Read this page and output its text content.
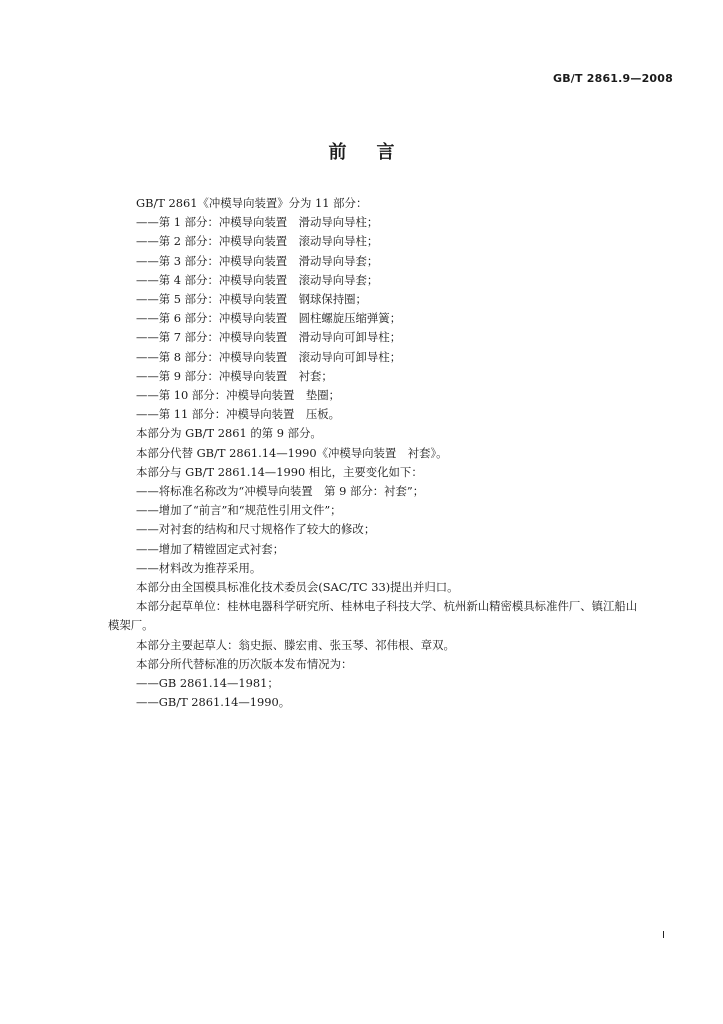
GB/T 2861.9—2008
前言

GB/T 2861《冲模导向装置》分为 11 部分：

——第 1 部分：冲模导向装置　滑动导向导柱；

——第 2 部分：冲模导向装置　滚动导向导柱；

——第 3 部分：冲模导向装置　滑动导向导套；

——第 4 部分：冲模导向装置　滚动导向导套；

——第 5 部分：冲模导向装置　钢球保持圈；

——第 6 部分：冲模导向装置　圆柱螺旋压缩弹簧；

——第 7 部分：冲模导向装置　滑动导向可卸导柱；

——第 8 部分：冲模导向装置　滚动导向可卸导柱；

——第 9 部分：冲模导向装置　衬套；

——第 10 部分：冲模导向装置　垫圈；

——第 11 部分：冲模导向装置　压板。

本部分为 GB/T 2861 的第 9 部分。

本部分代替 GB/T 2861.14—1990《冲模导向装置　衬套》。

本部分与 GB/T 2861.14—1990 相比，主要变化如下：

——将标准名称改为“冲模导向装置　第 9 部分：衬套”；

——增加了“前言”和“规范性引用文件”；

——对衬套的结构和尺寸规格作了较大的修改；

——增加了精镗固定式衬套；

——材料改为推荐采用。

本部分由全国模具标准化技术委员会(SAC/TC 33)提出并归口。

本部分起草单位：桂林电器科学研究所、桂林电子科技大学、杭州新山精密模具标准件厂、镇江船山

模架厂。

本部分主要起草人：翁史振、滕宏甫、张玉琴、祁伟根、章双。

本部分所代替标准的历次版本发布情况为：

——GB 2861.14—1981；

——GB/T 2861.14—1990。

I
